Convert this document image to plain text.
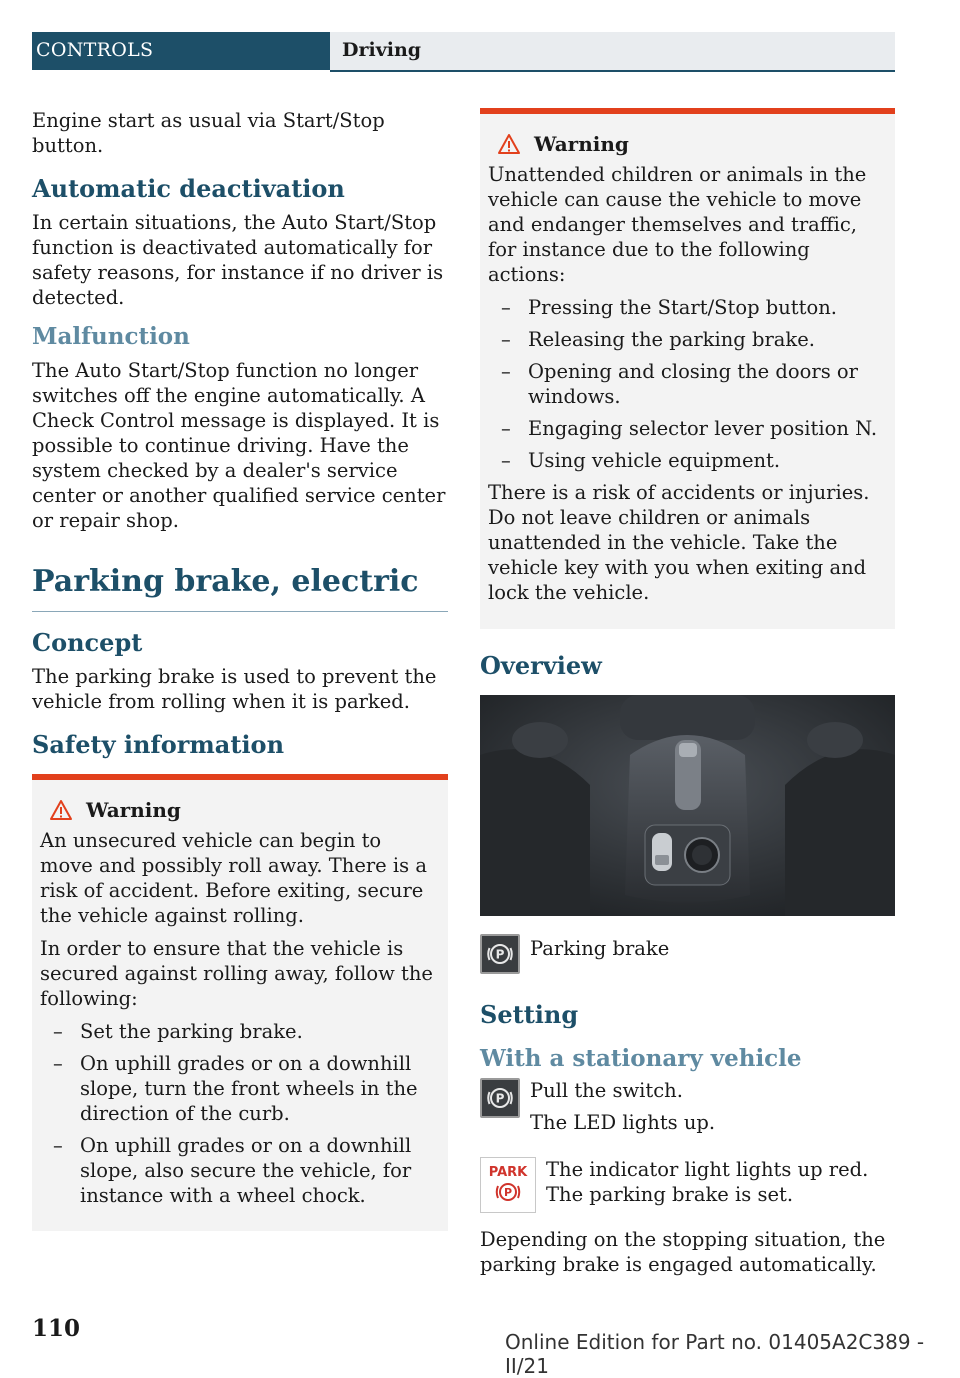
CONTROLS	Driving

Engine start as usual via Start/Stop button.

Automatic deactivation

In certain situations, the Auto Start/Stop function is deactivated automatically for safety reasons, for instance if no driver is detected.

Malfunction

The Auto Start/Stop function no longer switches off the engine automatically. A Check Control message is displayed. It is possible to continue driving. Have the system checked by a dealer's service center or another qualified service center or repair shop.

Parking brake, electric
Concept

The parking brake is used to prevent the vehicle from rolling when it is parked.

Safety information
Warning

An unsecured vehicle can begin to move and possibly roll away. There is a risk of accident. Before exiting, secure the vehicle against rolling.

In order to ensure that the vehicle is secured against rolling away, follow the following:

– Set the parking brake.
– On uphill grades or on a downhill slope, turn the front wheels in the direction of the curb.
– On uphill grades or on a downhill slope, also secure the vehicle, for instance with a wheel chock.
Warning

Unattended children or animals in the vehicle can cause the vehicle to move and endanger themselves and traffic, for instance due to the following actions:

– Pressing the Start/Stop button.
– Releasing the parking brake.
– Opening and closing the doors or windows.
– Engaging selector lever position N.
– Using vehicle equipment.

There is a risk of accidents or injuries. Do not leave children or animals unattended in the vehicle. Take the vehicle key with you when exiting and lock the vehicle.

Overview
P Parking brake
Setting
With a stationary vehicle
P Pull the switch.

The LED lights up.

PARK
P

The indicator light lights up red. The parking brake is set.

Depending on the stopping situation, the parking brake is engaged automatically.

110	Online Edition for Part no. 01405A2C389 - II/21
